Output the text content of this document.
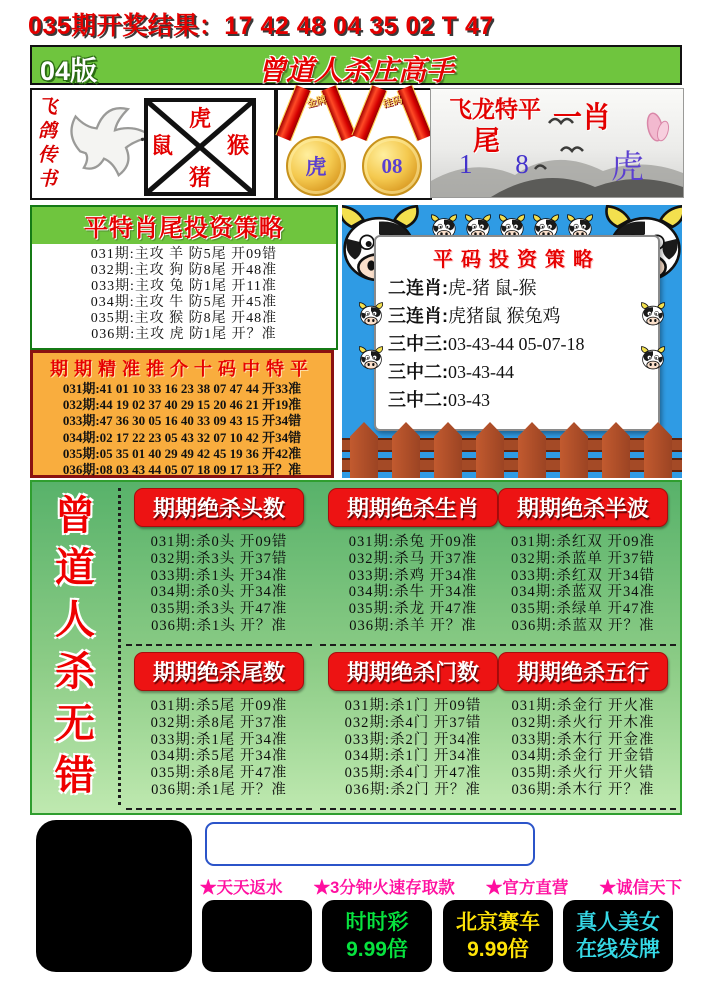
035期开奖结果：17 42 48 04 35 02 T 47
04版	曾道人杀庄高手
飞鸽传书
虎
鼠 猴
猪
金牌
虎
挂码
08
飞龙特平 一肖
尾
1 8 虎
平特肖尾投资策略
031期:主攻 羊 防5尾 开09错
032期:主攻 狗 防8尾 开48准
033期:主攻 兔 防1尾 开11准
034期:主攻 牛 防5尾 开45准
035期:主攻 猴 防8尾 开48准
036期:主攻 虎 防1尾 开？准
期期精准推介十码中特平
031期:41 01 10 33 16 23 38 07 47 44 开33准
032期:44 19 02 37 40 29 15 20 46 21 开19准
033期:47 36 30 05 16 40 33 09 43 15 开34错
034期:02 17 22 23 05 43 32 07 10 42 开34错
035期:05 35 01 40 29 49 42 45 19 36 开42准
036期:08 03 43 44 05 07 18 09 17 13 开？准
平码投资策略
二连肖:虎-猪 鼠-猴
三连肖:虎猪鼠 猴兔鸡
三中三:03-43-44 05-07-18
三中二:03-43-44
三中二:03-43
曾道人杀无错
期期绝杀头数
031期:杀0头 开09错
032期:杀3头 开37错
033期:杀1头 开34准
034期:杀0头 开34准
035期:杀3头 开47准
036期:杀1头 开？准
期期绝杀生肖
031期:杀兔 开09准
032期:杀马 开37准
033期:杀鸡 开34准
034期:杀牛 开34准
035期:杀龙 开47准
036期:杀羊 开？准
期期绝杀半波
031期:杀红双 开09准
032期:杀蓝单 开37错
033期:杀红双 开34错
034期:杀蓝双 开34准
035期:杀绿单 开47准
036期:杀蓝双 开？准
期期绝杀尾数
031期:杀5尾 开09准
032期:杀8尾 开37准
033期:杀1尾 开34准
034期:杀5尾 开34准
035期:杀8尾 开47准
036期:杀1尾 开？准
期期绝杀门数
031期:杀1门 开09错
032期:杀4门 开37错
033期:杀2门 开34准
034期:杀1门 开34准
035期:杀4门 开47准
036期:杀2门 开？准
期期绝杀五行
031期:杀金行 开火准
032期:杀火行 开木准
033期:杀木行 开金准
034期:杀金行 开金错
035期:杀火行 开火错
036期:杀木行 开？准
★天天返水 ★3分钟火速存取款 ★官方直营 ★诚信天下
时时彩
9.99倍
北京赛车
9.99倍
真人美女
在线发牌
